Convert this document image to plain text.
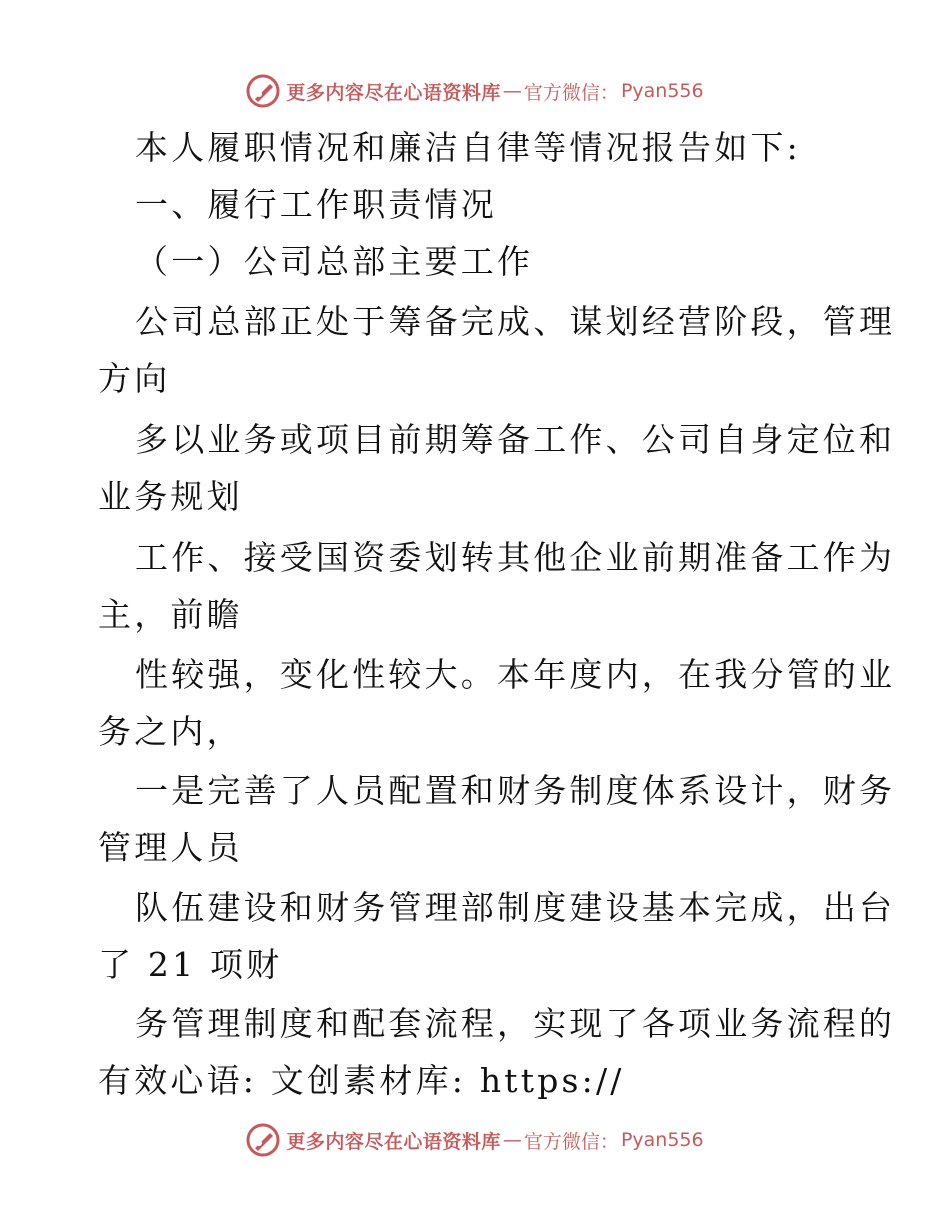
更多内容尽在心语资料库 — 官方微信： Pyan556
本人履职情况和廉洁自律等情况报告如下:
一、履行工作职责情况
（一）公司总部主要工作
公司总部正处于筹备完成、谋划经营阶段，管理
方向
多以业务或项目前期筹备工作、公司自身定位和
业务规划
工作、接受国资委划转其他企业前期准备工作为
主，前瞻
性较强，变化性较大。本年度内，在我分管的业
务之内，
一是完善了人员配置和财务制度体系设计，财务
管理人员
队伍建设和财务管理部制度建设基本完成，出台
了 21 项财
务管理制度和配套流程，实现了各项业务流程的
有效心语: 文创素材库: https://
更多内容尽在心语资料库 — 官方微信： Pyan556
